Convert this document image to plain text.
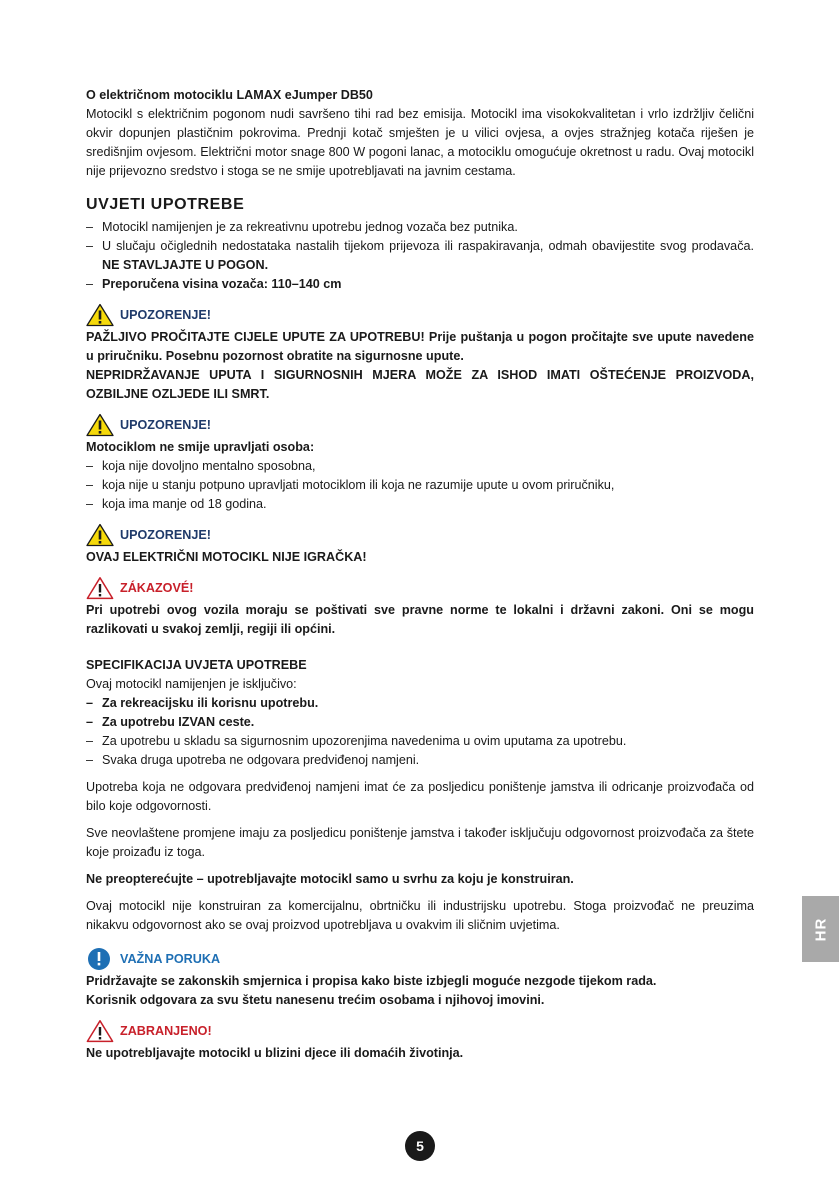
O električnom motociklu LAMAX eJumper DB50

Motocikl s električnim pogonom nudi savršeno tihi rad bez emisija. Motocikl ima visokokvalitetan i vrlo izdržljiv čelični okvir dopunjen plastičnim pokrovima. Prednji kotač smješten je u vilici ovjesa, a ovjes stražnjeg kotača riješen je središnjim ovjesom. Električni motor snage 800 W pogoni lanac, a motociklu omogućuje okretnost u radu. Ovaj motocikl nije prijevozno sredstvo i stoga se ne smije upotrebljavati na javnim cestama.

UVJETI UPOTREBE
– Motocikl namijenjen je za rekreativnu upotrebu jednog vozača bez putnika.
– U slučaju očiglednih nedostataka nastalih tijekom prijevoza ili raspakiravanja, odmah obavijestite svog prodavača. NE STAVLJAJTE U POGON.
– Preporučena visina vozača: 110–140 cm
UPOZORENJE!

PAŽLJIVO PROČITAJTE CIJELE UPUTE ZA UPOTREBU! Prije puštanja u pogon pročitajte sve upute navedene u priručniku. Posebnu pozornost obratite na sigurnosne upute.

NEPRIDRŽAVANJE UPUTA I SIGURNOSNIH MJERA MOŽE ZA ISHOD IMATI OŠTEĆENJE PROIZVODA, OZBILJNE OZLJEDE ILI SMRT.

UPOZORENJE!

Motociklom ne smije upravljati osoba:

– koja nije dovoljno mentalno sposobna,
– koja nije u stanju potpuno upravljati motociklom ili koja ne razumije upute u ovom priručniku,
– koja ima manje od 18 godina.
UPOZORENJE!

OVAJ ELEKTRIČNI MOTOCIKL NIJE IGRAČKA!

ZÁKAZOVÉ!

Pri upotrebi ovog vozila moraju se poštivati sve pravne norme te lokalni i državni zakoni. Oni se mogu razlikovati u svakoj zemlji, regiji ili općini.

SPECIFIKACIJA UVJETA UPOTREBE

Ovaj motocikl namijenjen je isključivo:

– Za rekreacijsku ili korisnu upotrebu.
– Za upotrebu IZVAN ceste.
– Za upotrebu u skladu sa sigurnosnim upozorenjima navedenima u ovim uputama za upotrebu.
– Svaka druga upotreba ne odgovara predviđenoj namjeni.

Upotreba koja ne odgovara predviđenoj namjeni imat će za posljedicu poništenje jamstva ili odricanje proizvođača od bilo koje odgovornosti.

Sve neovlaštene promjene imaju za posljedicu poništenje jamstva i također isključuju odgovornost proizvođača za štete koje proizađu iz toga.

Ne preopterećujte – upotrebljavajte motocikl samo u svrhu za koju je konstruiran.

Ovaj motocikl nije konstruiran za komercijalnu, obrtničku ili industrijsku upotrebu. Stoga proizvođač ne preuzima nikakvu odgovornost ako se ovaj proizvod upotrebljava u ovakvim ili sličnim uvjetima.

VAŽNA PORUKA

Pridržavajte se zakonskih smjernica i propisa kako biste izbjegli moguće nezgode tijekom rada.

Korisnik odgovara za svu štetu nanesenu trećim osobama i njihovoj imovini.

ZABRANJENO!

Ne upotrebljavajte motocikl u blizini djece ili domaćih životinja.

HR
5
